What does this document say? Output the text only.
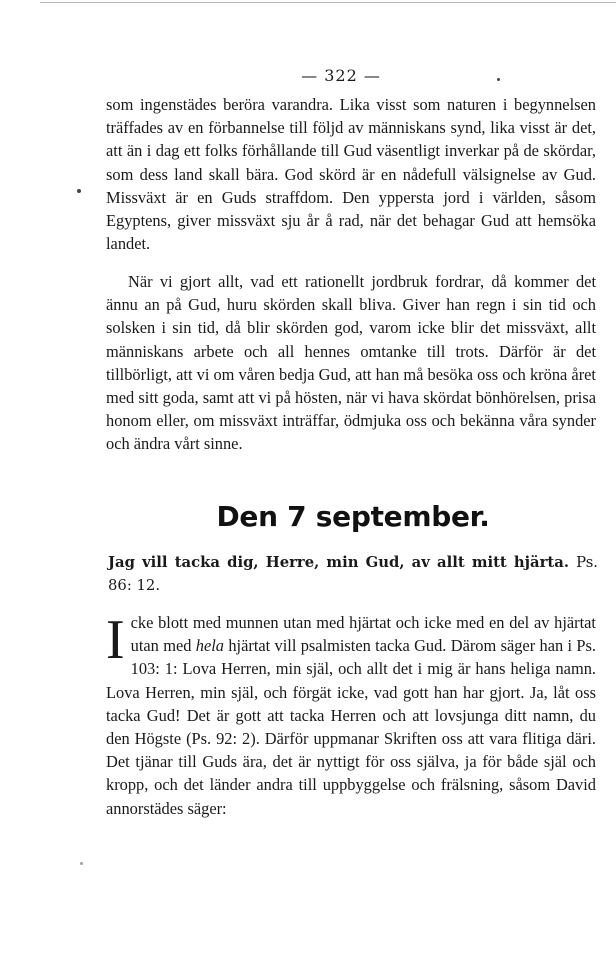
— 322 —

som ingenstädes beröra varandra. Lika visst som naturen i begynnelsen träffades av en förbannelse till följd av människans synd, lika visst är det, att än i dag ett folks förhållande till Gud väsentligt inverkar på de skördar, som dess land skall bära. God skörd är en nådefull välsignelse av Gud. Missväxt är en Guds straffdom. Den yppersta jord i världen, såsom Egyptens, giver missväxt sju år å rad, när det behagar Gud att hemsöka landet.

När vi gjort allt, vad ett rationellt jordbruk fordrar, då kommer det ännu an på Gud, huru skörden skall bliva. Giver han regn i sin tid och solsken i sin tid, då blir skörden god, varom icke blir det missväxt, allt människans arbete och all hennes omtanke till trots. Därför är det tillbörligt, att vi om våren bedja Gud, att han må besöka oss och kröna året med sitt goda, samt att vi på hösten, när vi hava skördat bönhörelsen, prisa honom eller, om missväxt inträffar, ödmjuka oss och bekänna våra synder och ändra vårt sinne.

Den 7 september.
Jag vill tacka dig, Herre, min Gud, av allt mitt hjärta. Ps. 86: 12.

Icke blott med munnen utan med hjärtat och icke med en del av hjärtat utan med hela hjärtat vill psalmisten tacka Gud. Därom säger han i Ps. 103: 1: Lova Herren, min själ, och allt det i mig är hans heliga namn. Lova Herren, min själ, och förgät icke, vad gott han har gjort. Ja, låt oss tacka Gud! Det är gott att tacka Herren och att lovsjunga ditt namn, du den Högste (Ps. 92: 2). Därför uppmanar Skriften oss att vara flitiga däri. Det tjänar till Guds ära, det är nyttigt för oss själva, ja för både själ och kropp, och det länder andra till uppbyggelse och frälsning, såsom David annorstädes säger:
